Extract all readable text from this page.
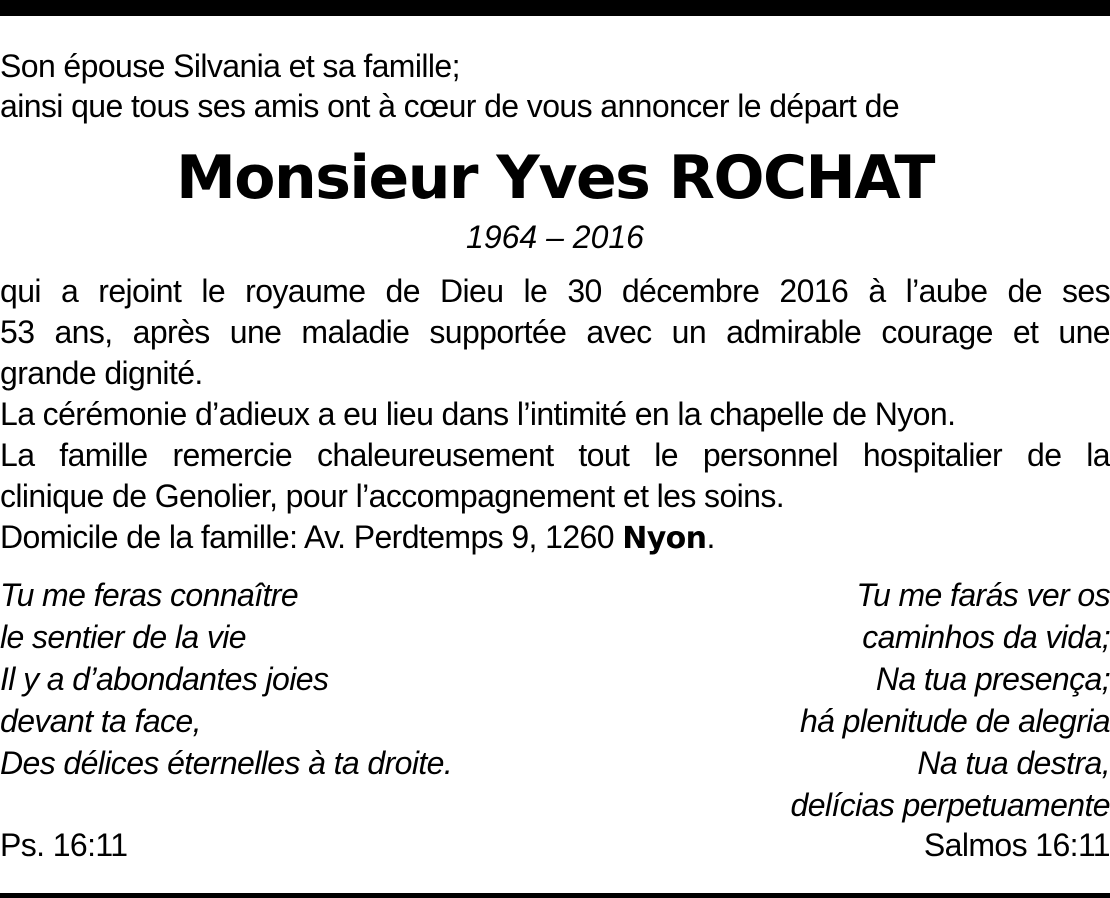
Son épouse Silvania et sa famille;
ainsi que tous ses amis ont à cœur de vous annoncer le départ de
Monsieur Yves ROCHAT
1964 – 2016
qui a rejoint le royaume de Dieu le 30 décembre 2016 à l’aube de ses
53 ans, après une maladie supportée avec un admirable courage et une
grande dignité.
La cérémonie d’adieux a eu lieu dans l’intimité en la chapelle de Nyon.
La famille remercie chaleureusement tout le personnel hospitalier de la
clinique de Genolier, pour l’accompagnement et les soins.
Domicile de la famille: Av. Perdtemps 9, 1260 Nyon.
Tu me feras connaître
le sentier de la vie
Il y a d’abondantes joies
devant ta face,
Des délices éternelles à ta droite.
Tu me farás ver os
caminhos da vida;
Na tua presença;
há plenitude de alegria
Na tua destra,
delícias perpetuamente
Ps. 16:11	Salmos 16:11
